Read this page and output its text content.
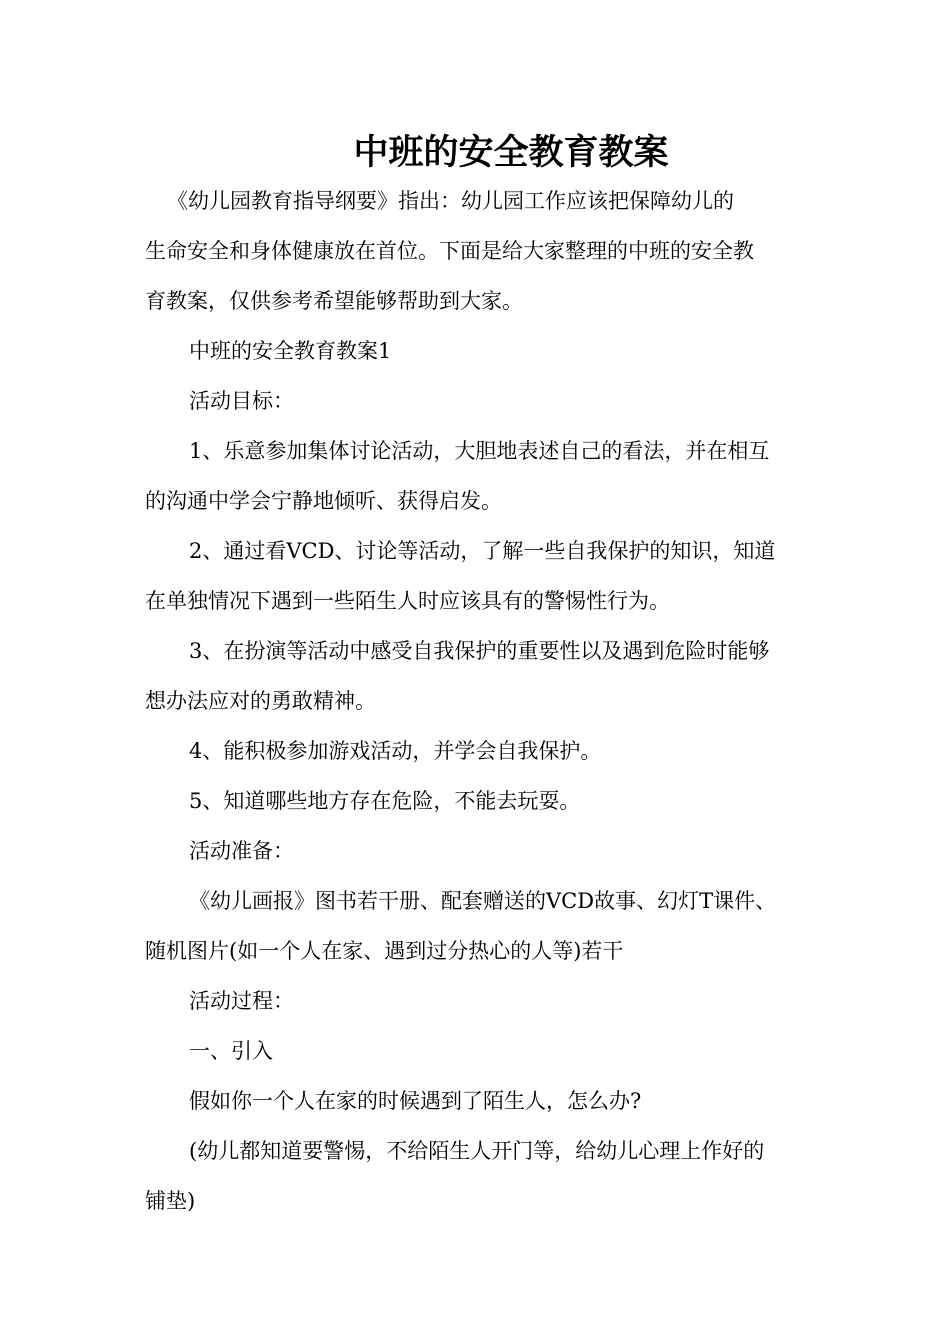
中班的安全教育教案

《幼儿园教育指导纲要》指出：幼儿园工作应该把保障幼儿的
生命安全和身体健康放在首位。下面是给大家整理的中班的安全教
育教案，仅供参考希望能够帮助到大家。

中班的安全教育教案1

活动目标：

1、乐意参加集体讨论活动，大胆地表述自己的看法，并在相互
的沟通中学会宁静地倾听、获得启发。

2、通过看VCD、讨论等活动，了解一些自我保护的知识，知道
在单独情况下遇到一些陌生人时应该具有的警惕性行为。

3、在扮演等活动中感受自我保护的重要性以及遇到危险时能够
想办法应对的勇敢精神。

4、能积极参加游戏活动，并学会自我保护。

5、知道哪些地方存在危险，不能去玩耍。

活动准备：

《幼儿画报》图书若干册、配套赠送的VCD故事、幻灯T课件、
随机图片(如一个人在家、遇到过分热心的人等)若干

活动过程：

一、引入

假如你一个人在家的时候遇到了陌生人，怎么办?

(幼儿都知道要警惕，不给陌生人开门等，给幼儿心理上作好的
铺垫)
